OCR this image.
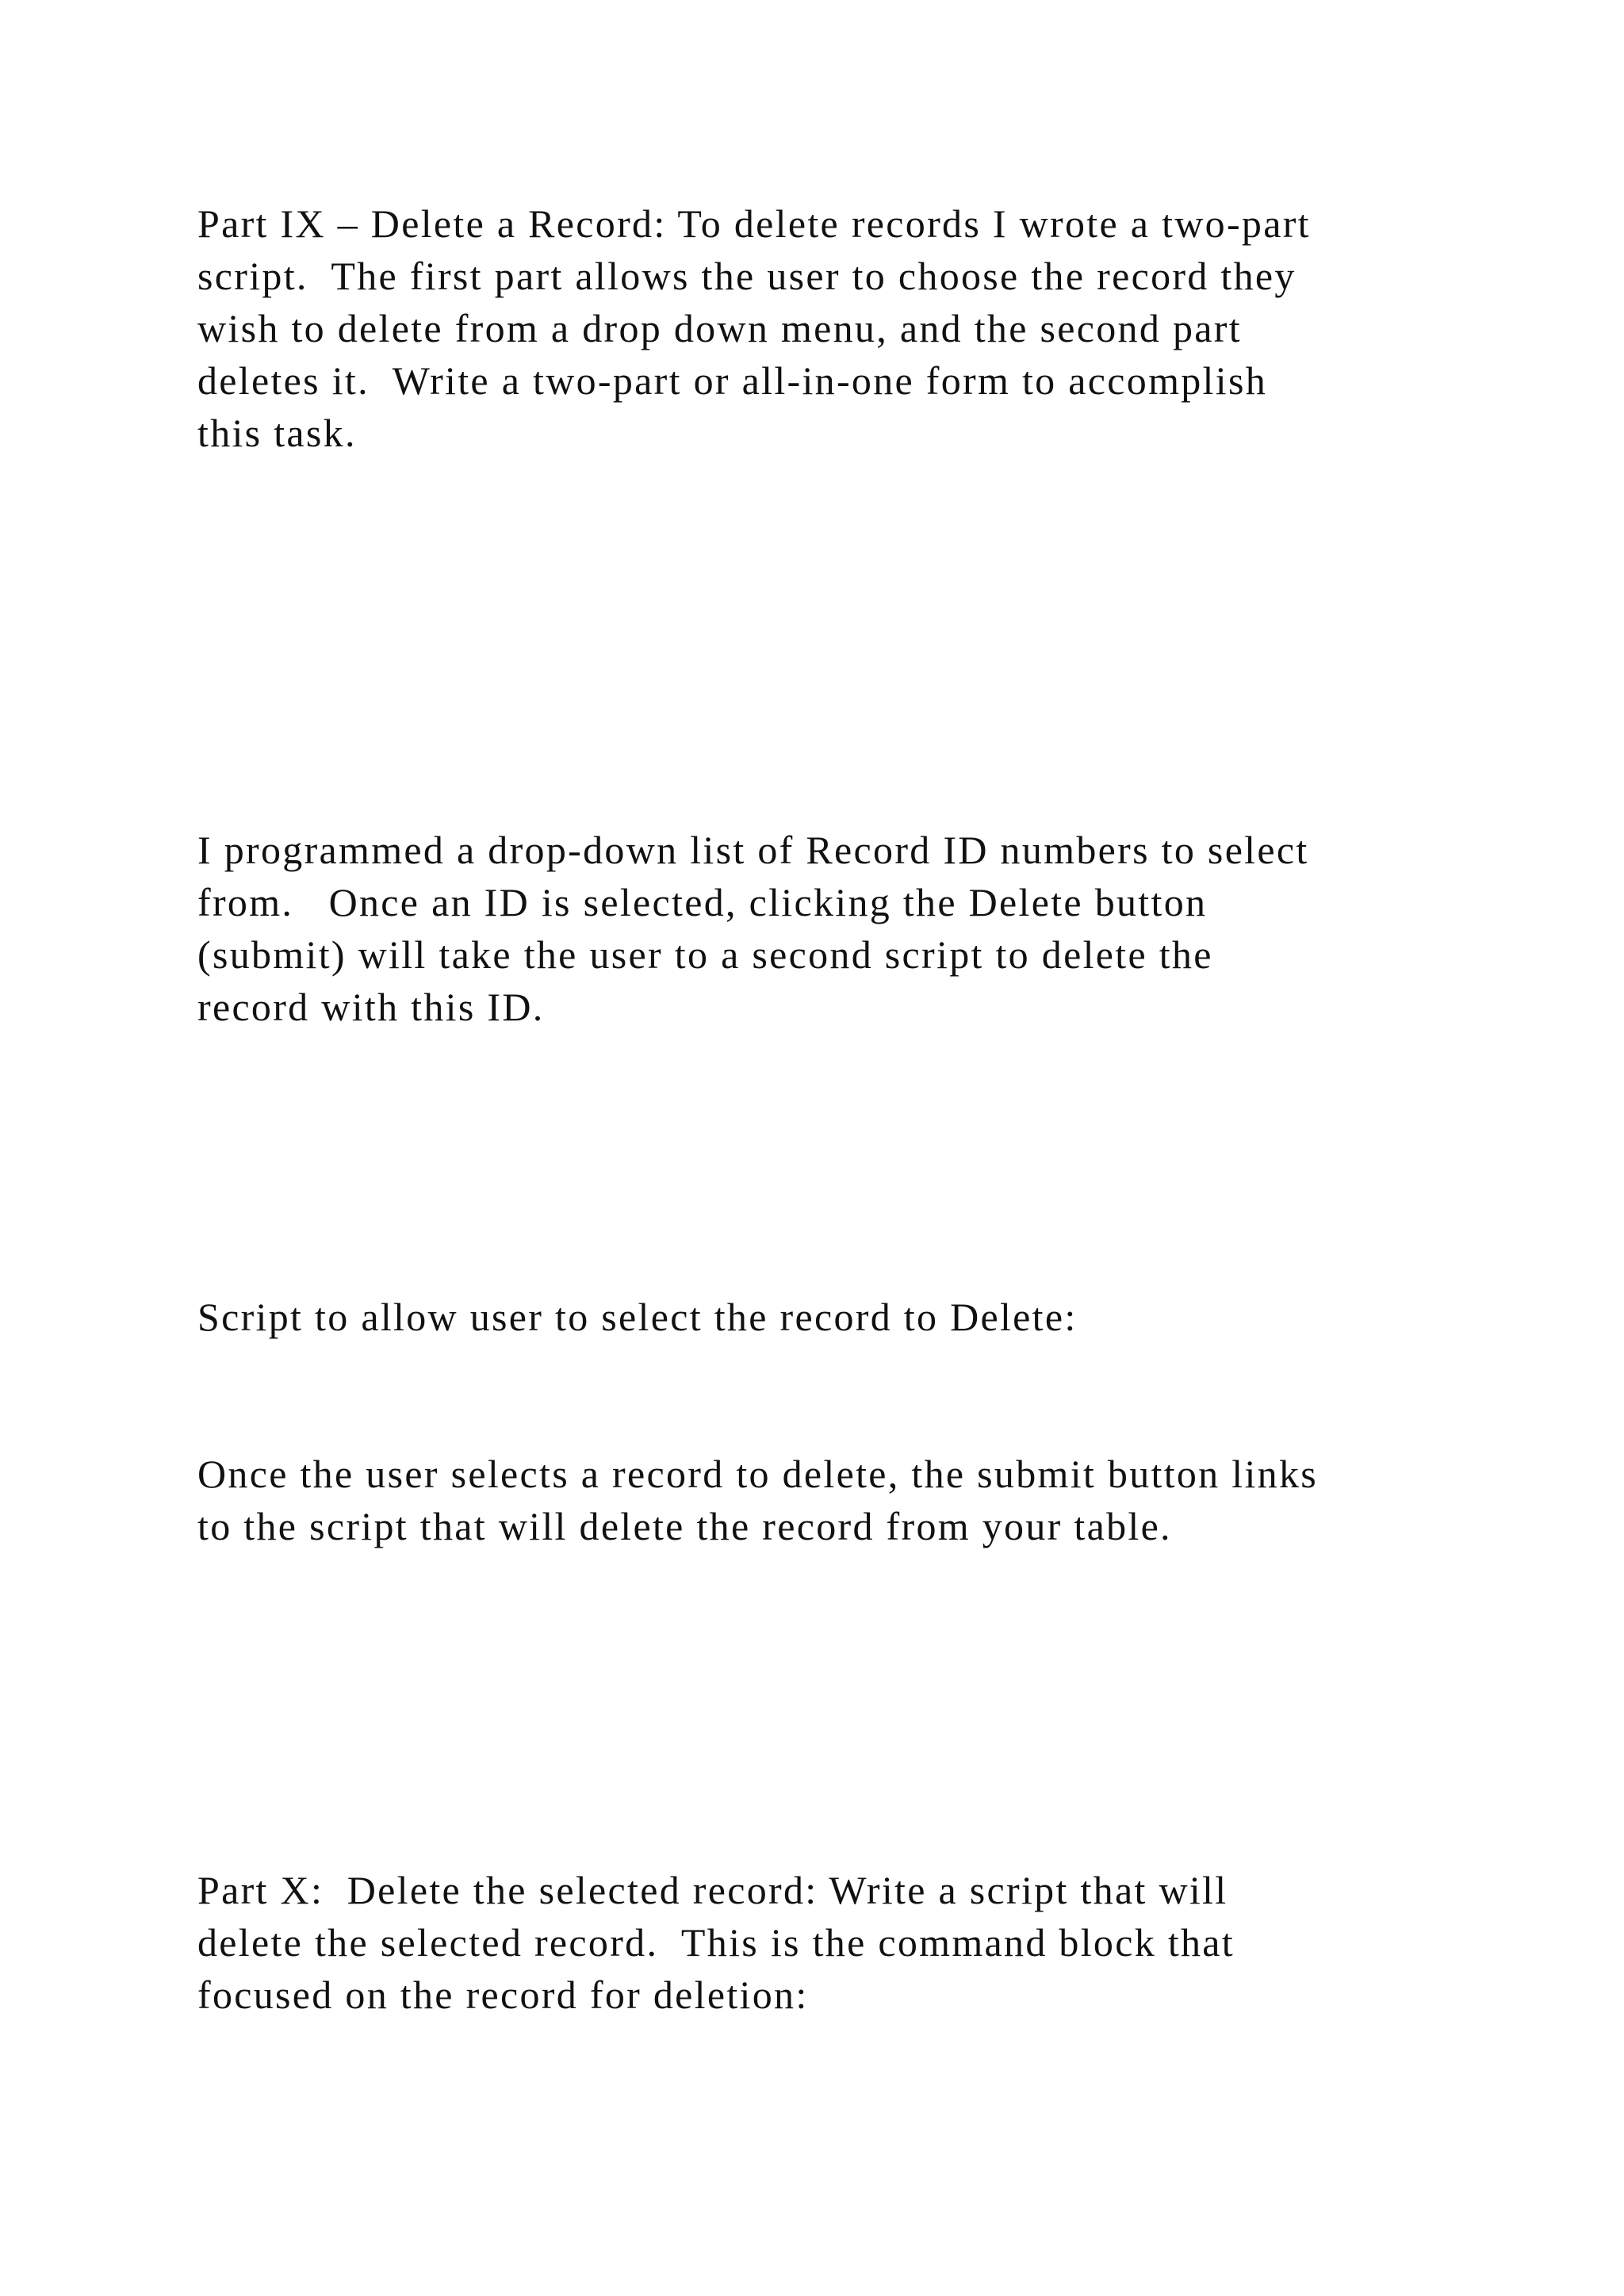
Part IX – Delete a Record: To delete records I wrote a two-part
script.  The first part allows the user to choose the record they
wish to delete from a drop down menu, and the second part
deletes it.  Write a two-part or all-in-one form to accomplish
this task.

I programmed a drop-down list of Record ID numbers to select
from.   Once an ID is selected, clicking the Delete button
(submit) will take the user to a second script to delete the
record with this ID.

Script to allow user to select the record to Delete:

Once the user selects a record to delete, the submit button links
to the script that will delete the record from your table.

Part X:  Delete the selected record: Write a script that will
delete the selected record.  This is the command block that
focused on the record for deletion:
